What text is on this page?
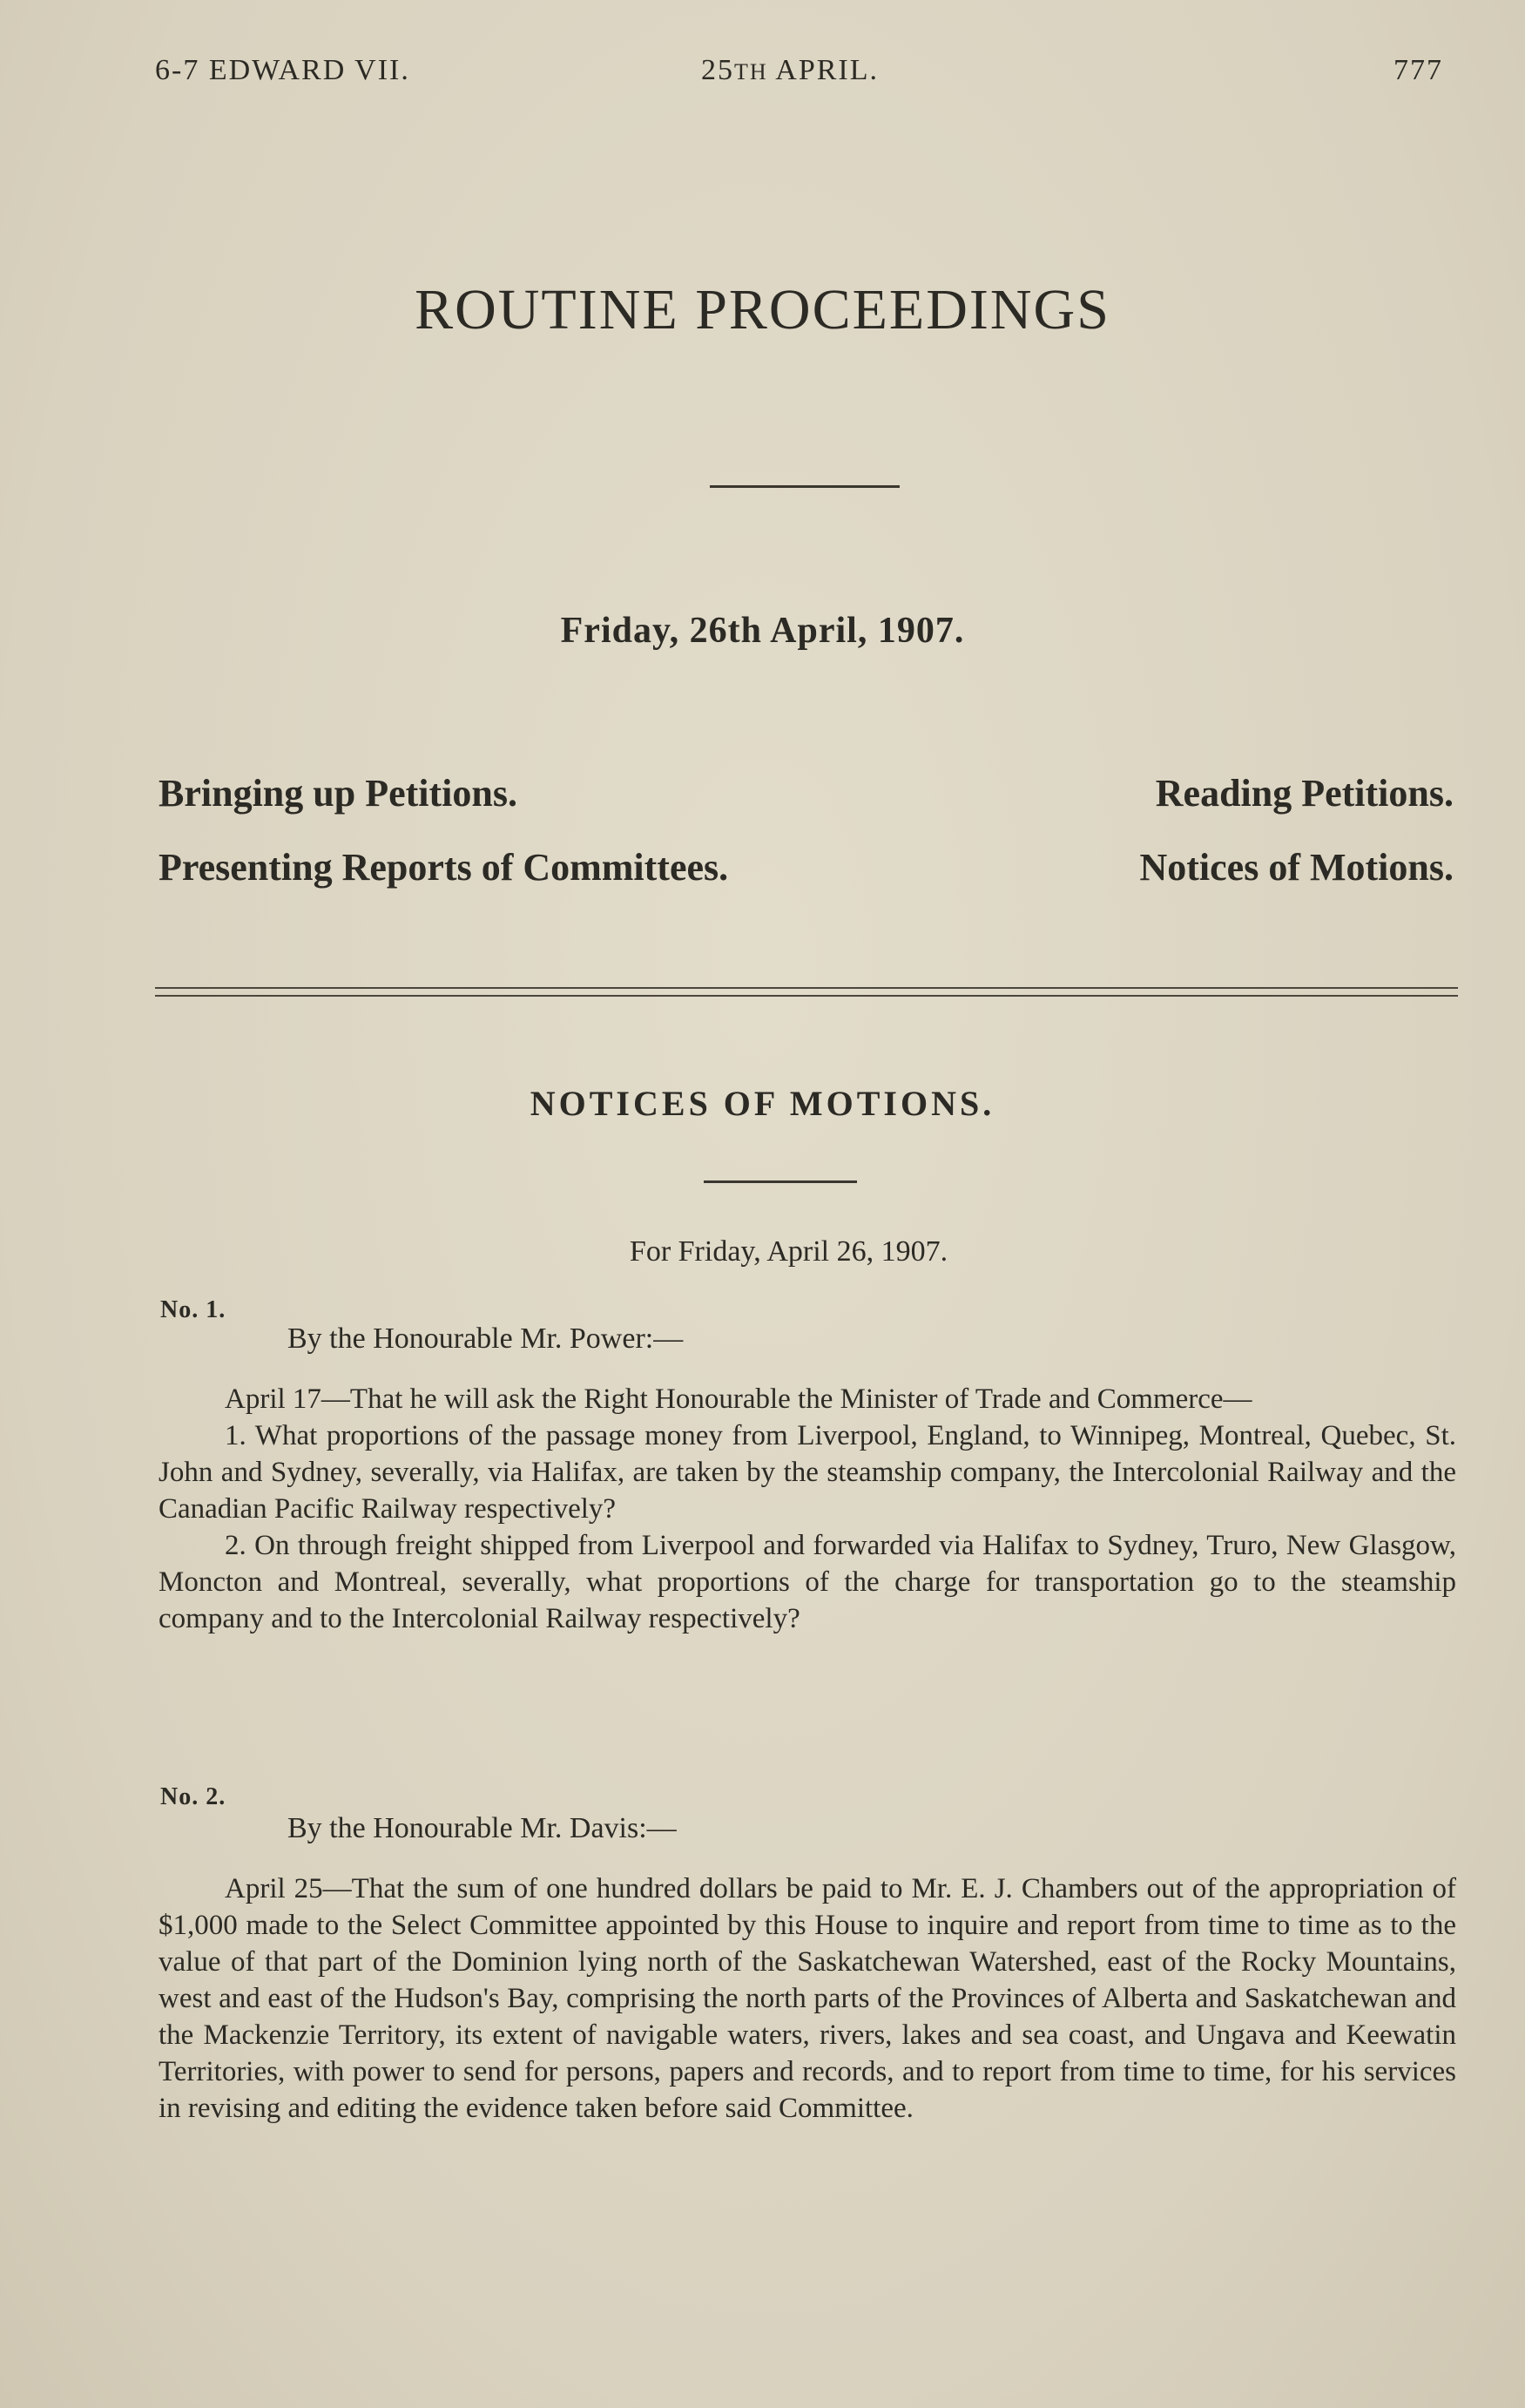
6-7 EDWARD VII.	25TH APRIL.	777
ROUTINE PROCEEDINGS
Friday, 26th April, 1907.
Bringing up Petitions.	Reading Petitions.
Presenting Reports of Committees.	Notices of Motions.
NOTICES OF MOTIONS.
For Friday, April 26, 1907.
No. 1.
By the Honourable Mr. Power:—

April 17—That he will ask the Right Honourable the Minister of Trade and Commerce—

1. What proportions of the passage money from Liverpool, England, to Winnipeg, Montreal, Quebec, St. John and Sydney, severally, via Halifax, are taken by the steamship company, the Intercolonial Railway and the Canadian Pacific Railway respectively?

2. On through freight shipped from Liverpool and forwarded via Halifax to Sydney, Truro, New Glasgow, Moncton and Montreal, severally, what proportions of the charge for transportation go to the steamship company and to the Intercolonial Railway respectively?

No. 2.
By the Honourable Mr. Davis:—

April 25—That the sum of one hundred dollars be paid to Mr. E. J. Chambers out of the appropriation of $1,000 made to the Select Committee appointed by this House to inquire and report from time to time as to the value of that part of the Dominion lying north of the Saskatchewan Watershed, east of the Rocky Mountains, west and east of the Hudson's Bay, comprising the north parts of the Provinces of Alberta and Saskatchewan and the Mackenzie Territory, its extent of navigable waters, rivers, lakes and sea coast, and Ungava and Keewatin Territories, with power to send for persons, papers and records, and to report from time to time, for his services in revising and editing the evidence taken before said Committee.
